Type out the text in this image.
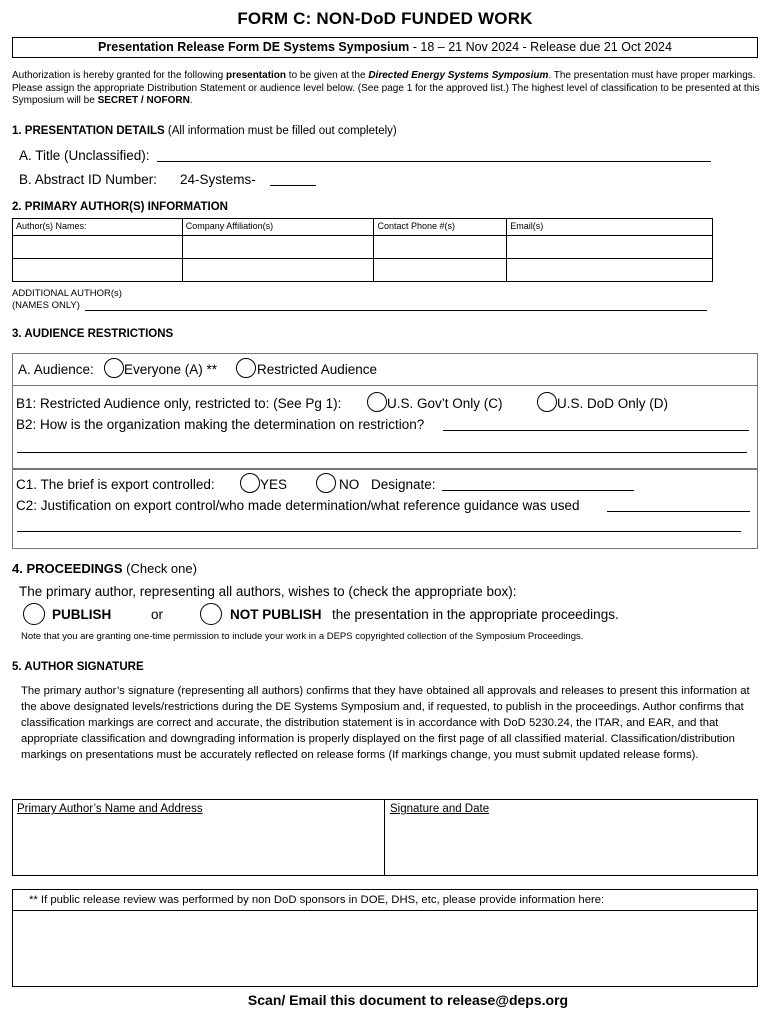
FORM C: NON-DoD FUNDED WORK
Presentation Release Form DE Systems Symposium - 18 – 21 Nov 2024 - Release due 21 Oct 2024
Authorization is hereby granted for the following presentation to be given at the Directed Energy Systems Symposium. The presentation must have proper markings. Please assign the appropriate Distribution Statement or audience level below. (See page 1 for the approved list.) The highest level of classification to be presented at this Symposium will be SECRET / NOFORN.
1. PRESENTATION DETAILS (All information must be filled out completely)
A. Title (Unclassified):
B. Abstract ID Number: 24-Systems-
2. PRIMARY AUTHOR(S) INFORMATION
Author(s) Names:	Company Affiliation(s)	Contact Phone #(s)	Email(s)

ADDITIONAL AUTHOR(s)
(NAMES ONLY)
3. AUDIENCE RESTRICTIONS
A. Audience: Everyone (A) **	Restricted Audience
B1: Restricted Audience only, restricted to: (See Pg 1):	U.S. Gov’t Only (C)	U.S. DoD Only (D)
B2: How is the organization making the determination on restriction?
C1. The brief is export controlled:	YES	NO Designate:
C2: Justification on export control/who made determination/what reference guidance was used
4. PROCEEDINGS (Check one)
The primary author, representing all authors, wishes to (check the appropriate box):
PUBLISH	or	NOT PUBLISH the presentation in the appropriate proceedings.
Note that you are granting one-time permission to include your work in a DEPS copyrighted collection of the Symposium Proceedings.
5. AUTHOR SIGNATURE
The primary author’s signature (representing all authors) confirms that they have obtained all approvals and releases to present this information at the above designated levels/restrictions during the DE Systems Symposium and, if requested, to publish in the proceedings. Author confirms that classification markings are correct and accurate, the distribution statement is in accordance with DoD 5230.24, the ITAR, and EAR, and that appropriate classification and downgrading information is properly displayed on the first page of all classified material. Classification/distribution markings on presentations must be accurately reflected on release forms (If markings change, you must submit updated release forms).
Primary Author’s Name and Address	Signature and Date
** If public release review was performed by non DoD sponsors in DOE, DHS, etc, please provide information here:
Scan/ Email this document to release@deps.org
